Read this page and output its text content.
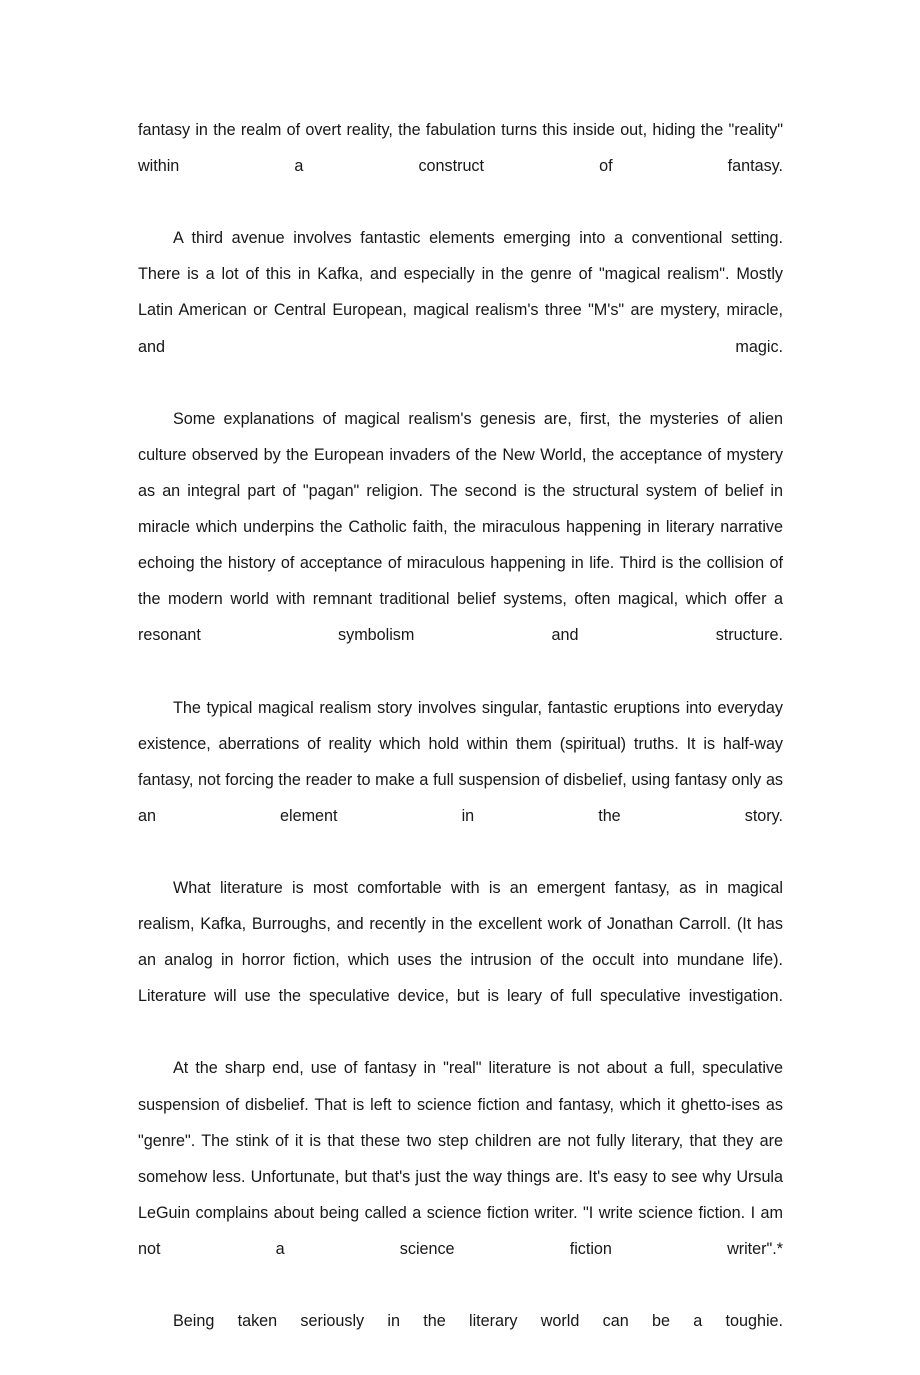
fantasy in the realm of overt reality, the fabulation turns this inside out, hiding the "reality" within a construct of fantasy.

A third avenue involves fantastic elements emerging into a conventional setting. There is a lot of this in Kafka, and especially in the genre of "magical realism". Mostly Latin American or Central European, magical realism's three "M's" are mystery, miracle, and magic.

Some explanations of magical realism's genesis are, first, the mysteries of alien culture observed by the European invaders of the New World, the acceptance of mystery as an integral part of "pagan" religion. The second is the structural system of belief in miracle which underpins the Catholic faith, the miraculous happening in literary narrative echoing the history of acceptance of miraculous happening in life. Third is the collision of the modern world with remnant traditional belief systems, often magical, which offer a resonant symbolism and structure.

The typical magical realism story involves singular, fantastic eruptions into everyday existence, aberrations of reality which hold within them (spiritual) truths. It is half-way fantasy, not forcing the reader to make a full suspension of disbelief, using fantasy only as an element in the story.

What literature is most comfortable with is an emergent fantasy, as in magical realism, Kafka, Burroughs, and recently in the excellent work of Jonathan Carroll. (It has an analog in horror fiction, which uses the intrusion of the occult into mundane life). Literature will use the speculative device, but is leary of full speculative investigation.

At the sharp end, use of fantasy in "real" literature is not about a full, speculative suspension of disbelief. That is left to science fiction and fantasy, which it ghetto-ises as "genre". The stink of it is that these two step children are not fully literary, that they are somehow less. Unfortunate, but that's just the way things are. It's easy to see why Ursula LeGuin complains about being called a science fiction writer. "I write science fiction. I am not a science fiction writer".*

Being taken seriously in the literary world can be a toughie.
